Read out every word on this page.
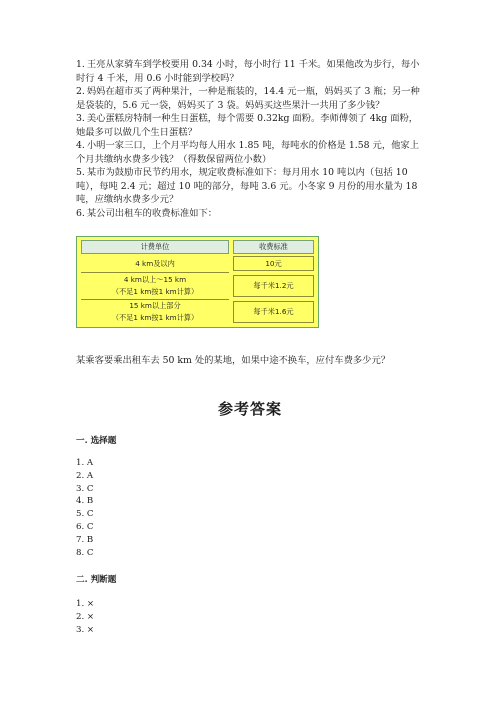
1. 王亮从家骑车到学校要用 0.34 小时，每小时行 11 千米。如果他改为步行，每小时行 4 千米，用 0.6 小时能到学校吗？

2. 妈妈在超市买了两种果汁，一种是瓶装的，14.4 元一瓶，妈妈买了 3 瓶；另一种是袋装的，5.6 元一袋，妈妈买了 3 袋。妈妈买这些果汁一共用了多少钱？

3. 美心蛋糕房特制一种生日蛋糕，每个需要 0.32kg 面粉。李师傅领了 4kg 面粉，她最多可以做几个生日蛋糕？

4. 小明一家三口，上个月平均每人用水 1.85 吨，每吨水的价格是 1.58 元，他家上个月共缴纳水费多少钱？（得数保留两位小数）

5. 某市为鼓励市民节约用水，规定收费标准如下：每月用水 10 吨以内（包括 10 吨），每吨 2.4 元；超过 10 吨的部分，每吨 3.6 元。小冬家 9 月份的用水量为 18 吨，应缴纳水费多少元？

6. 某公司出租车的收费标准如下：

计费单位	收费标准
4 km及以内	10元
4 km以上～15 km
（不足1 km按1 km计算）
每千米1.2元
15 km以上部分
（不足1 km按1 km计算）
每千米1.6元
某乘客要乘出租车去 50 km 处的某地，如果中途不换车，应付车费多少元？
参考答案
一. 选择题

1. A

2. A

3. C

4. B

5. C

6. C

7. B

8. C

二. 判断题

1. ×

2. ×

3. ×
